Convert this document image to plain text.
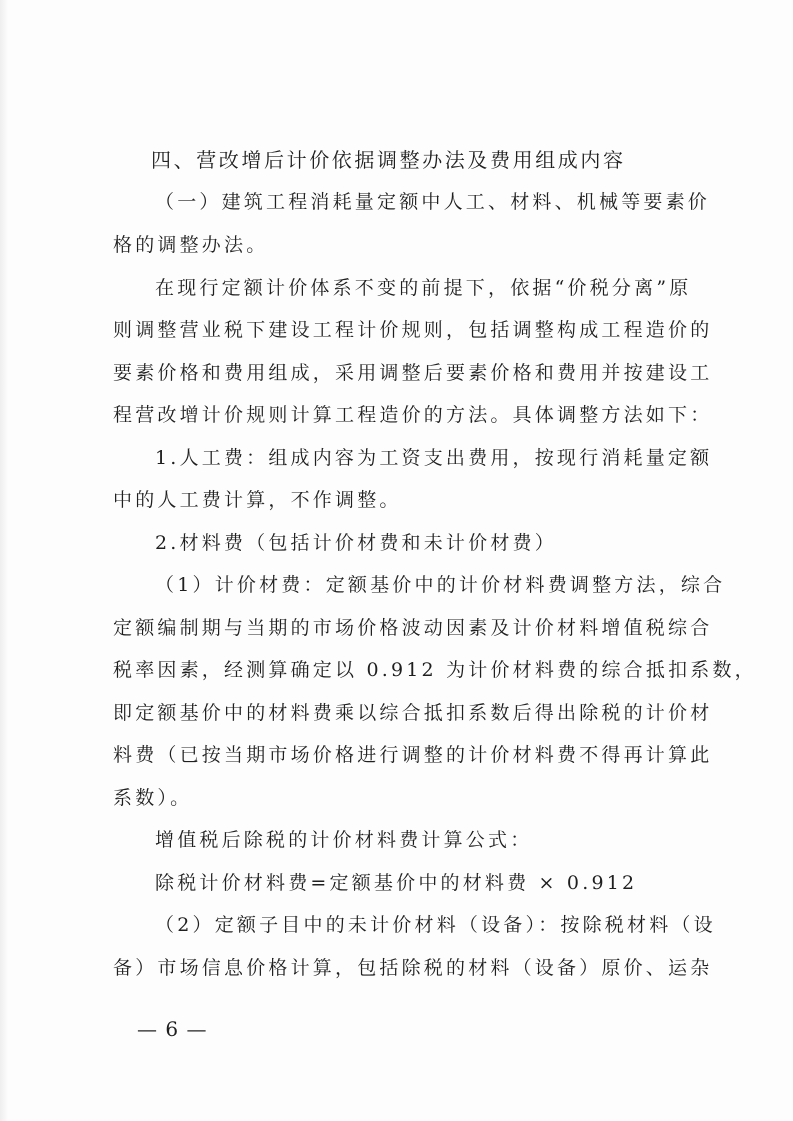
四、营改增后计价依据调整办法及费用组成内容
（一）建筑工程消耗量定额中人工、材料、机械等要素价
格的调整办法。
在现行定额计价体系不变的前提下，依据“价税分离”原
则调整营业税下建设工程计价规则，包括调整构成工程造价的
要素价格和费用组成，采用调整后要素价格和费用并按建设工
程营改增计价规则计算工程造价的方法。具体调整方法如下：
1.人工费：组成内容为工资支出费用，按现行消耗量定额
中的人工费计算，不作调整。
2.材料费（包括计价材费和未计价材费）
（1）计价材费：定额基价中的计价材料费调整方法，综合
定额编制期与当期的市场价格波动因素及计价材料增值税综合
税率因素，经测算确定以 0.912 为计价材料费的综合抵扣系数，
即定额基价中的材料费乘以综合抵扣系数后得出除税的计价材
料费（已按当期市场价格进行调整的计价材料费不得再计算此
系数）。
增值税后除税的计价材料费计算公式：
除税计价材料费=定额基价中的材料费 × 0.912
（2）定额子目中的未计价材料（设备）：按除税材料（设
备）市场信息价格计算，包括除税的材料（设备）原价、运杂
— 6 —
